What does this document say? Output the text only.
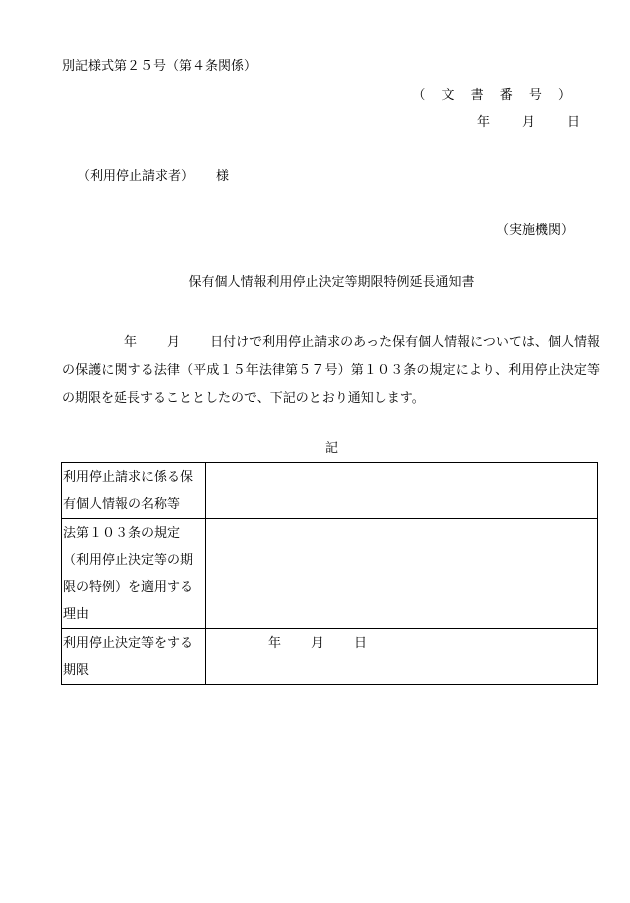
別記様式第２５号（第４条関係）
（ 文 書 番 号 ）
年 月 日
（利用停止請求者） 様
（実施機関）
保有個人情報利用停止決定等期限特例延長通知書
年 月 日付けで利用停止請求のあった保有個人情報については、個人情報の保護に関する法律（平成１５年法律第５７号）第１０３条の規定により、利用停止決定等の期限を延長することとしたので、下記のとおり通知します。
記
利用停止請求に係る保有個人情報の名称等	
法第１０３条の規定（利用停止決定等の期限の特例）を適用する理由	
利用停止決定等をする期限	年 月 日
